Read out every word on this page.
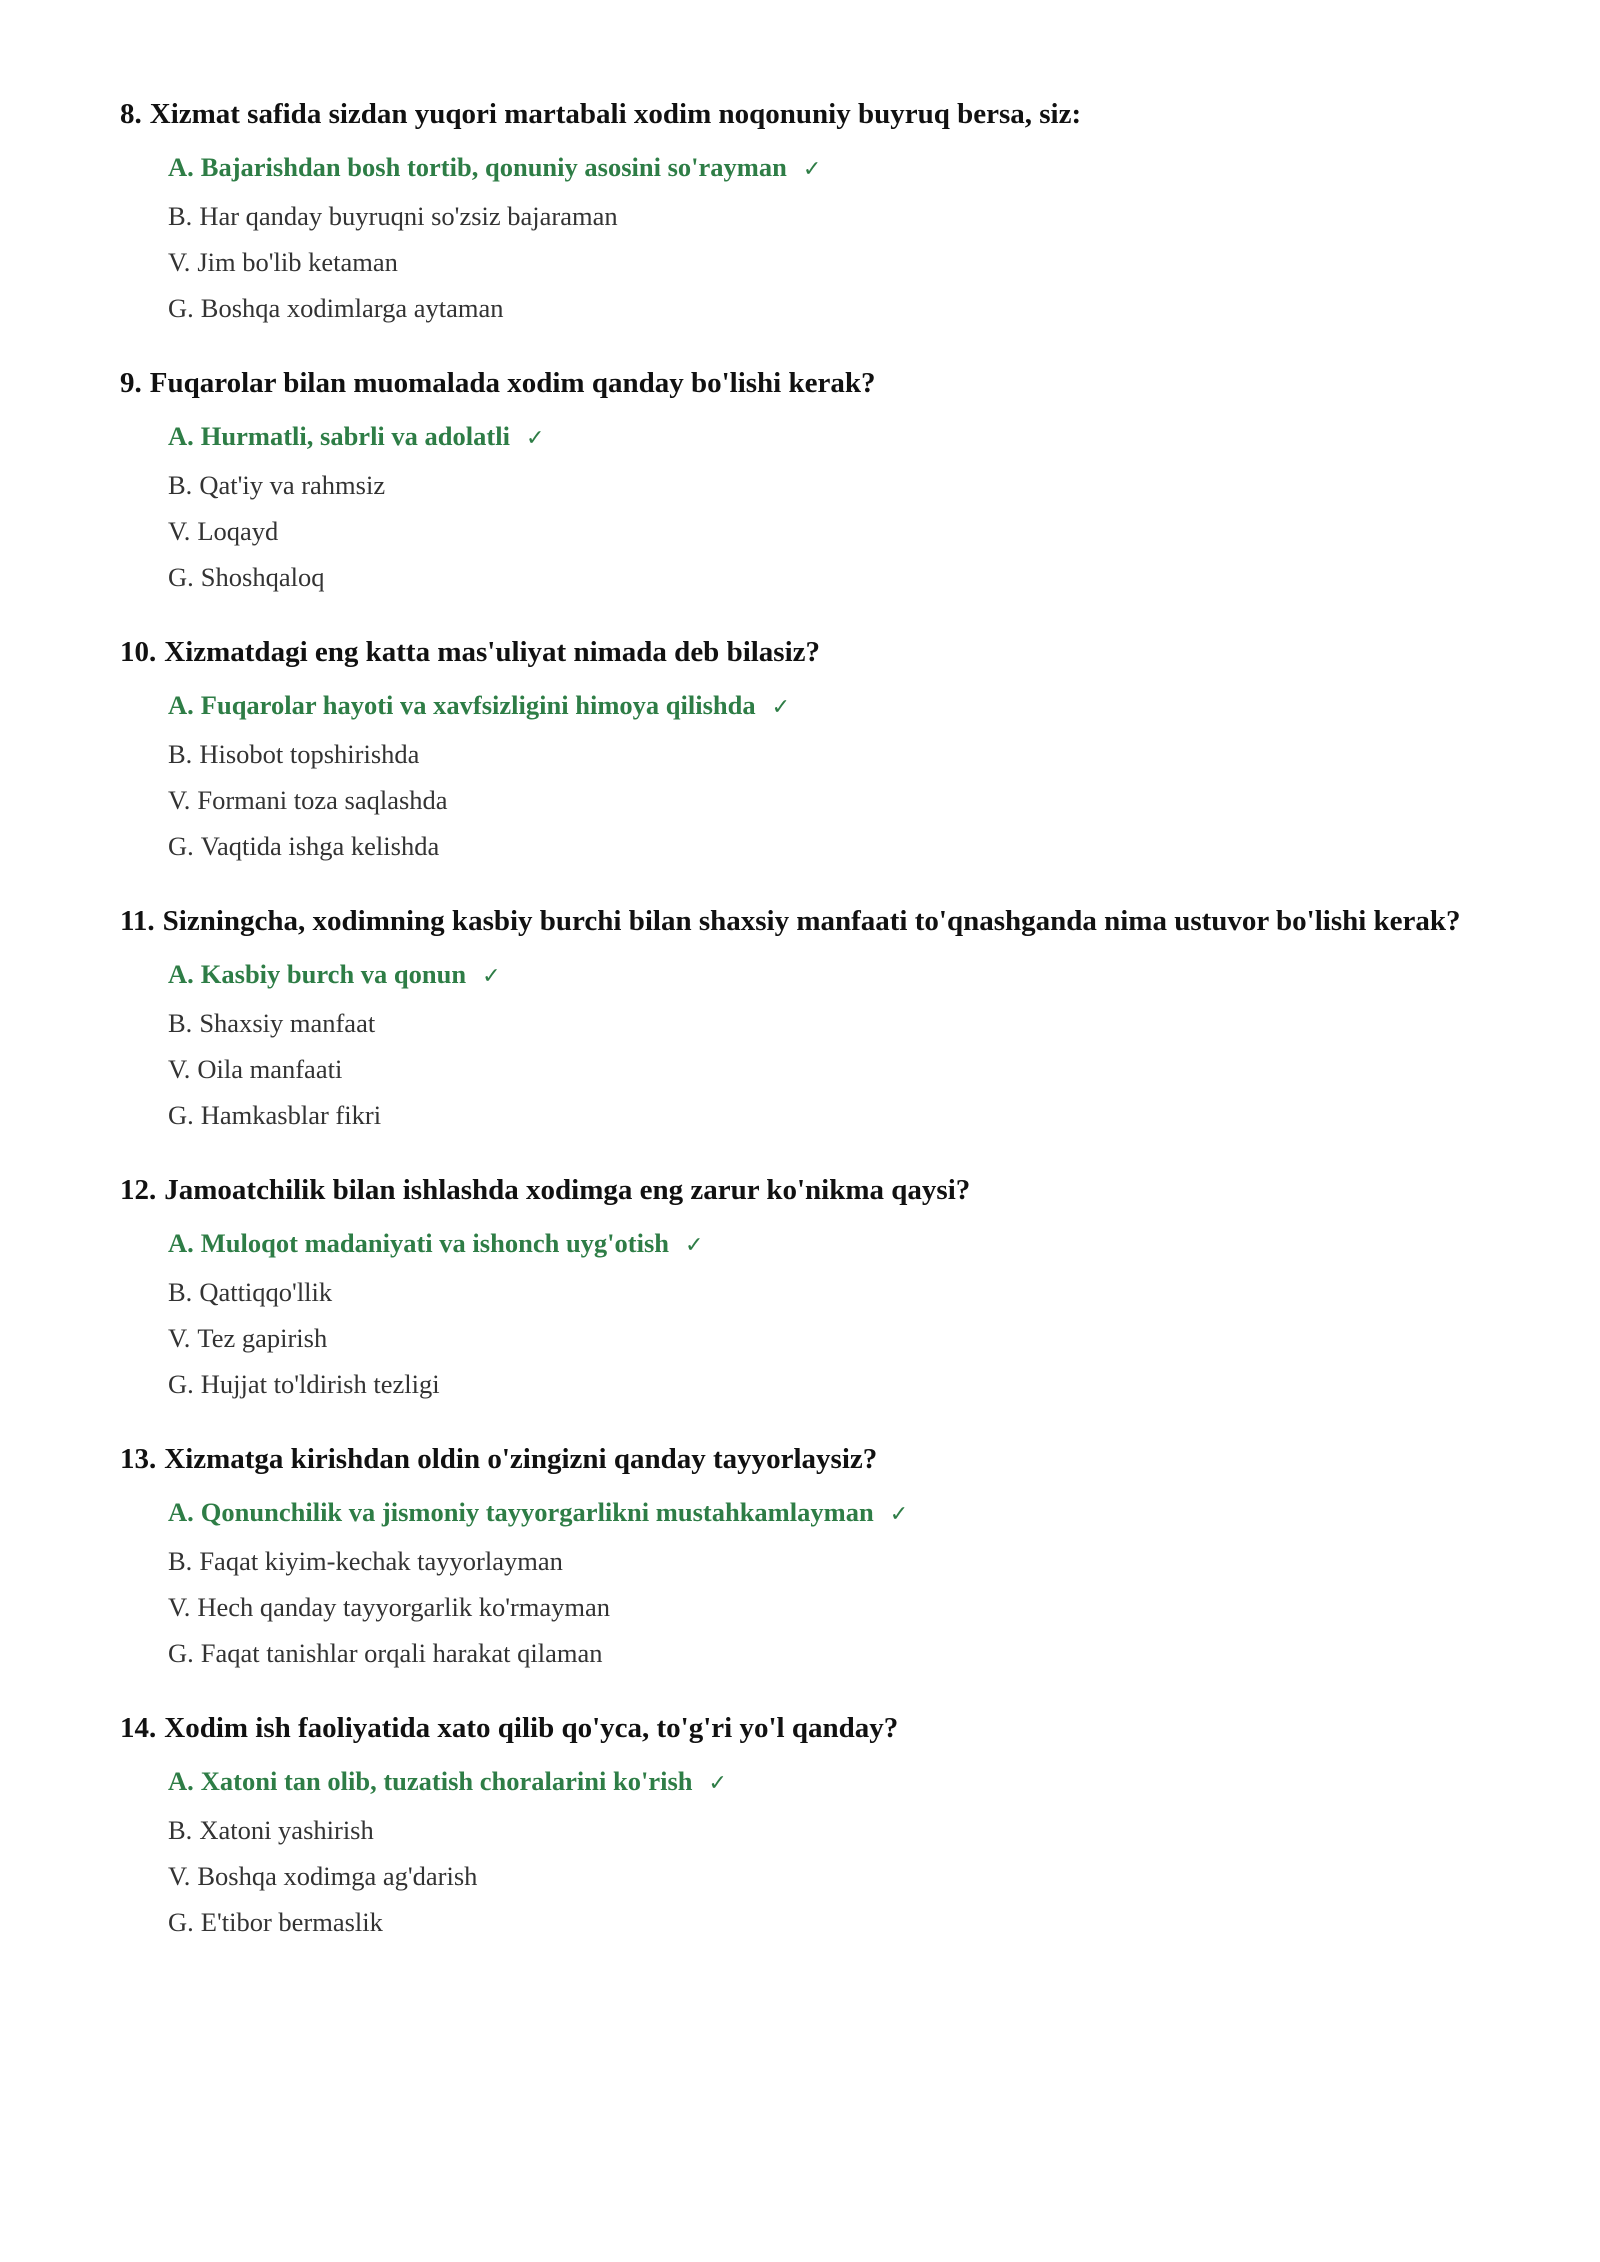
8. Xizmat safida sizdan yuqori martabali xodim noqonuniy buyruq bersa, siz:
A. Bajarishdan bosh tortib, qonuniy asosini so'rayman ✓
B. Har qanday buyruqni so'zsiz bajaraman
V. Jim bo'lib ketaman
G. Boshqa xodimlarga aytaman
9. Fuqarolar bilan muomalada xodim qanday bo'lishi kerak?
A. Hurmatli, sabrli va adolatli ✓
B. Qat'iy va rahmsiz
V. Loqayd
G. Shoshqaloq
10. Xizmatdagi eng katta mas'uliyat nimada deb bilasiz?
A. Fuqarolar hayoti va xavfsizligini himoya qilishda ✓
B. Hisobot topshirishda
V. Formani toza saqlashda
G. Vaqtida ishga kelishda
11. Sizningcha, xodimning kasbiy burchi bilan shaxsiy manfaati to'qnashganda nima ustuvor bo'lishi kerak?
A. Kasbiy burch va qonun ✓
B. Shaxsiy manfaat
V. Oila manfaati
G. Hamkasblar fikri
12. Jamoatchilik bilan ishlashda xodimga eng zarur ko'nikma qaysi?
A. Muloqot madaniyati va ishonch uyg'otish ✓
B. Qattiqqo'llik
V. Tez gapirish
G. Hujjat to'ldirish tezligi
13. Xizmatga kirishdan oldin o'zingizni qanday tayyorlaysiz?
A. Qonunchilik va jismoniy tayyorgarlikni mustahkamlayman ✓
B. Faqat kiyim-kechak tayyorlayman
V. Hech qanday tayyorgarlik ko'rmayman
G. Faqat tanishlar orqali harakat qilaman
14. Xodim ish faoliyatida xato qilib qo'yca, to'g'ri yo'l qanday?
A. Xatoni tan olib, tuzatish choralarini ko'rish ✓
B. Xatoni yashirish
V. Boshqa xodimga ag'darish
G. E'tibor bermaslik
